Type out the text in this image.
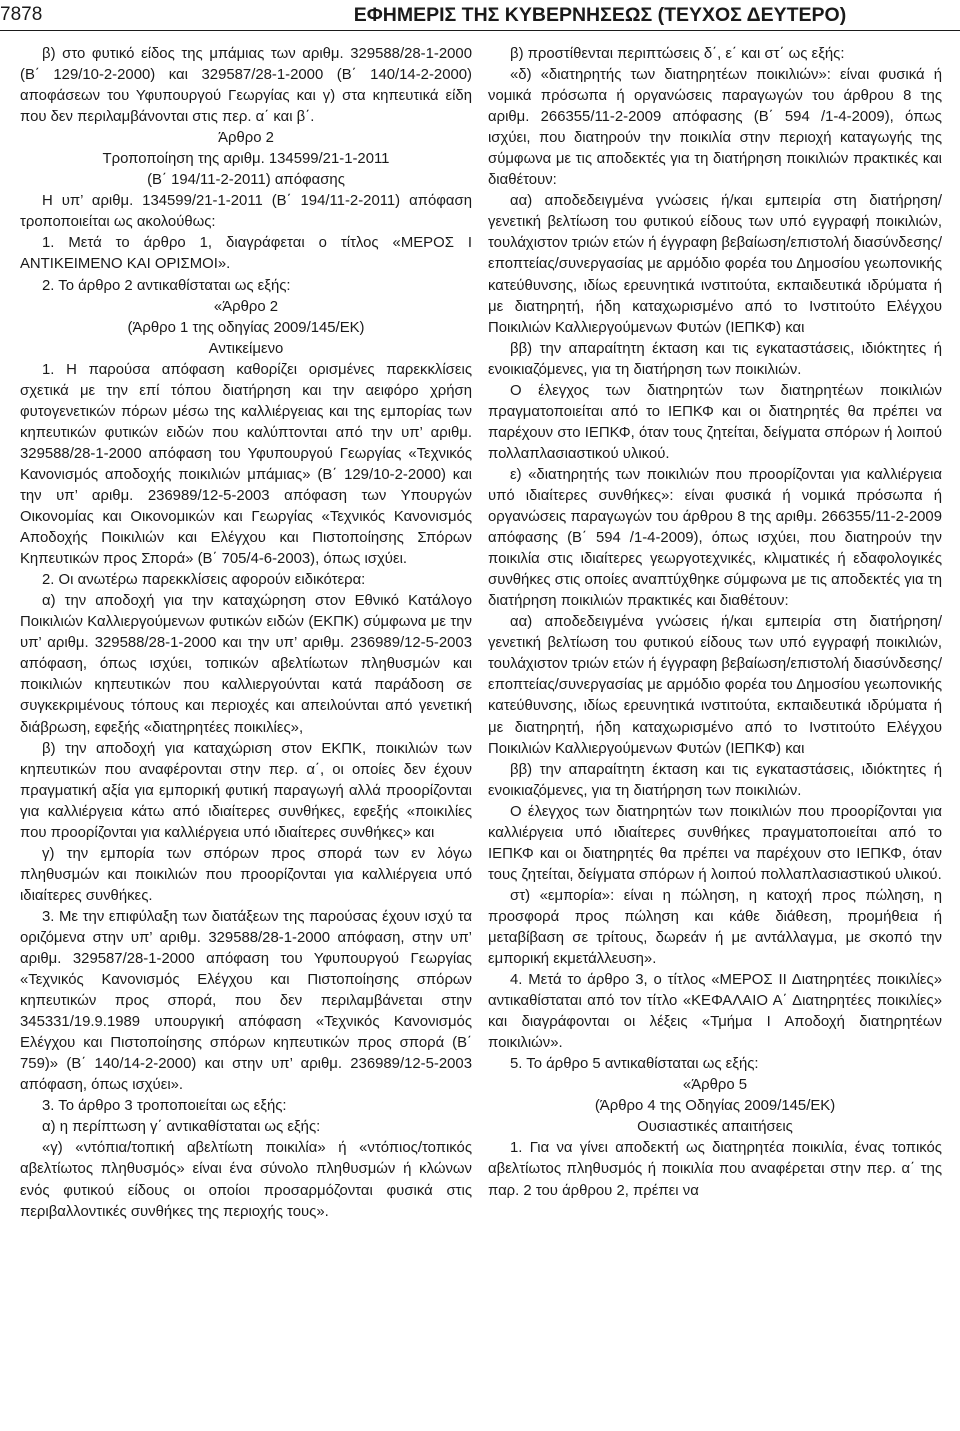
7878	ΕΦΗΜΕΡΙΣ ΤΗΣ ΚΥΒΕΡΝΗΣΕΩΣ (ΤΕΥΧΟΣ ΔΕΥΤΕΡΟ)

β) στο φυτικό είδος της μπάμιας των αριθμ. 329588/28-1-2000 (Β΄ 129/10-2-2000) και 329587/28-1-2000 (Β΄ 140/14-2-2000) αποφάσεων του Υφυπουργού Γεωργίας και γ) στα κηπευτικά είδη που δεν περιλαμβάνονται στις περ. α΄ και β΄.

Άρθρο 2

Τροποποίηση της αριθμ. 134599/21-1-2011

(Β΄ 194/11-2-2011) απόφασης

Η υπ’ αριθμ. 134599/21-1-2011 (Β΄ 194/11-2-2011) απόφαση τροποποιείται ως ακολούθως:

1. Μετά το άρθρο 1, διαγράφεται ο τίτλος «ΜΕΡΟΣ Ι ΑΝΤΙΚΕΙΜΕΝΟ ΚΑΙ ΟΡΙΣΜΟΙ».

2. Το άρθρο 2 αντικαθίσταται ως εξής:

«Άρθρο 2

(Άρθρο 1 της οδηγίας 2009/145/ΕΚ)

Αντικείμενο

1. Η παρούσα απόφαση καθορίζει ορισμένες παρεκκλίσεις σχετικά με την επί τόπου διατήρηση και την αειφόρο χρήση φυτογενετικών πόρων μέσω της καλλιέργειας και της εμπορίας των κηπευτικών φυτικών ειδών που καλύπτονται από την υπ’ αριθμ. 329588/28-1-2000 απόφαση του Υφυπουργού Γεωργίας «Τεχνικός Κανονισμός αποδοχής ποικιλιών μπάμιας» (Β΄ 129/10-2-2000) και την υπ’ αριθμ. 236989/12-5-2003 απόφαση των Υπουργών Οικονομίας και Οικονομικών και Γεωργίας «Τεχνικός Κανονισμός Αποδοχής Ποικιλιών και Ελέγχου και Πιστοποίησης Σπόρων Κηπευτικών προς Σπορά» (Β΄ 705/4-6-2003), όπως ισχύει.

2. Οι ανωτέρω παρεκκλίσεις αφορούν ειδικότερα:

α) την αποδοχή για την καταχώρηση στον Εθνικό Κατάλογο Ποικιλιών Καλλιεργούμενων φυτικών ειδών (ΕΚΠΚ) σύμφωνα με την υπ’ αριθμ. 329588/28-1-2000 και την υπ’ αριθμ. 236989/12-5-2003 απόφαση, όπως ισχύει, τοπικών αβελτίωτων πληθυσμών και ποικιλιών κηπευτικών που καλλιεργούνται κατά παράδοση σε συγκεκριμένους τόπους και περιοχές και απειλούνται από γενετική διάβρωση, εφεξής «διατηρητέες ποικιλίες»,

β) την αποδοχή για καταχώριση στον ΕΚΠΚ, ποικιλιών των κηπευτικών που αναφέρονται στην περ. α΄, οι οποίες δεν έχουν πραγματική αξία για εμπορική φυτική παραγωγή αλλά προορίζονται για καλλιέργεια κάτω από ιδιαίτερες συνθήκες, εφεξής «ποικιλίες που προορίζονται για καλλιέργεια υπό ιδιαίτερες συνθήκες» και

γ) την εμπορία των σπόρων προς σπορά των εν λόγω πληθυσμών και ποικιλιών που προορίζονται για καλλιέργεια υπό ιδιαίτερες συνθήκες.

3. Με την επιφύλαξη των διατάξεων της παρούσας έχουν ισχύ τα οριζόμενα στην υπ’ αριθμ. 329588/28-1-2000 απόφαση, στην υπ’ αριθμ. 329587/28-1-2000 απόφαση του Υφυπουργού Γεωργίας «Τεχνικός Κανονισμός Ελέγχου και Πιστοποίησης σπόρων κηπευτικών προς σπορά, που δεν περιλαμβάνεται στην 345331/19.9.1989 υπουργική απόφαση «Τεχνικός Κανονισμός Ελέγχου και Πιστοποίησης σπόρων κηπευτικών προς σπορά (Β΄ 759)» (Β΄ 140/14-2-2000) και στην υπ’ αριθμ. 236989/12-5-2003 απόφαση, όπως ισχύει».

3. Το άρθρο 3 τροποποιείται ως εξής:

α) η περίπτωση γ΄ αντικαθίσταται ως εξής:

«γ) «ντόπια/τοπική αβελτίωτη ποικιλία» ή «ντόπιος/τοπικός αβελτίωτος πληθυσμός» είναι ένα σύνολο πληθυσμών ή κλώνων ενός φυτικού είδους οι οποίοι προσαρμόζονται φυσικά στις περιβαλλοντικές συνθήκες της περιοχής τους».

β) προστίθενται περιπτώσεις δ΄, ε΄ και στ΄ ως εξής:

«δ) «διατηρητής των διατηρητέων ποικιλιών»: είναι φυσικά ή νομικά πρόσωπα ή οργανώσεις παραγωγών του άρθρου 8 της αριθμ. 266355/11-2-2009 απόφασης (Β΄ 594 /1-4-2009), όπως ισχύει, που διατηρούν την ποικιλία στην περιοχή καταγωγής της σύμφωνα με τις αποδεκτές για τη διατήρηση ποικιλιών πρακτικές και διαθέτουν:

αα) αποδεδειγμένα γνώσεις ή/και εμπειρία στη διατήρηση/γενετική βελτίωση του φυτικού είδους των υπό εγγραφή ποικιλιών, τουλάχιστον τριών ετών ή έγγραφη βεβαίωση/επιστολή διασύνδεσης/εποπτείας/συνεργασίας με αρμόδιο φορέα του Δημοσίου γεωπονικής κατεύθυνσης, ιδίως ερευνητικά ινστιτούτα, εκπαιδευτικά ιδρύματα ή με διατηρητή, ήδη καταχωρισμένο από το Ινστιτούτο Ελέγχου Ποικιλιών Καλλιεργούμενων Φυτών (ΙΕΠΚΦ) και

ββ) την απαραίτητη έκταση και τις εγκαταστάσεις, ιδιόκτητες ή ενοικιαζόμενες, για τη διατήρηση των ποικιλιών.

Ο έλεγχος των διατηρητών των διατηρητέων ποικιλιών πραγματοποιείται από το ΙΕΠΚΦ και οι διατηρητές θα πρέπει να παρέχουν στο ΙΕΠΚΦ, όταν τους ζητείται, δείγματα σπόρων ή λοιπού πολλαπλασιαστικού υλικού.

ε) «διατηρητής των ποικιλιών που προορίζονται για καλλιέργεια υπό ιδιαίτερες συνθήκες»: είναι φυσικά ή νομικά πρόσωπα ή οργανώσεις παραγωγών του άρθρου 8 της αριθμ. 266355/11-2-2009 απόφασης (Β΄ 594 /1-4-2009), όπως ισχύει, που διατηρούν την ποικιλία στις ιδιαίτερες γεωργοτεχνικές, κλιματικές ή εδαφολογικές συνθήκες στις οποίες αναπτύχθηκε σύμφωνα με τις αποδεκτές για τη διατήρηση ποικιλιών πρακτικές και διαθέτουν:

αα) αποδεδειγμένα γνώσεις ή/και εμπειρία στη διατήρηση/γενετική βελτίωση του φυτικού είδους των υπό εγγραφή ποικιλιών, τουλάχιστον τριών ετών ή έγγραφη βεβαίωση/επιστολή διασύνδεσης/εποπτείας/συνεργασίας με αρμόδιο φορέα του Δημοσίου γεωπονικής κατεύθυνσης, ιδίως ερευνητικά ινστιτούτα, εκπαιδευτικά ιδρύματα ή με διατηρητή, ήδη καταχωρισμένο από το Ινστιτούτο Ελέγχου Ποικιλιών Καλλιεργούμενων Φυτών (ΙΕΠΚΦ) και

ββ) την απαραίτητη έκταση και τις εγκαταστάσεις, ιδιόκτητες ή ενοικιαζόμενες, για τη διατήρηση των ποικιλιών.

Ο έλεγχος των διατηρητών των ποικιλιών που προορίζονται για καλλιέργεια υπό ιδιαίτερες συνθήκες πραγματοποιείται από το ΙΕΠΚΦ και οι διατηρητές θα πρέπει να παρέχουν στο ΙΕΠΚΦ, όταν τους ζητείται, δείγματα σπόρων ή λοιπού πολλαπλασιαστικού υλικού.

στ) «εμπορία»: είναι η πώληση, η κατοχή προς πώληση, η προσφορά προς πώληση και κάθε διάθεση, προμήθεια ή μεταβίβαση σε τρίτους, δωρεάν ή με αντάλλαγμα, με σκοπό την εμπορική εκμετάλλευση».

4. Μετά το άρθρο 3, ο τίτλος «ΜΕΡΟΣ ΙΙ Διατηρητέες ποικιλίες» αντικαθίσταται από τον τίτλο «ΚΕΦΑΛΑΙΟ Α΄ Διατηρητέες ποικιλίες» και διαγράφονται οι λέξεις «Τμήμα Ι Αποδοχή διατηρητέων ποικιλιών».

5. Το άρθρο 5 αντικαθίσταται ως εξής:

«Άρθρο 5

(Άρθρο 4 της Οδηγίας 2009/145/ΕΚ)

Ουσιαστικές απαιτήσεις

1. Για να γίνει αποδεκτή ως διατηρητέα ποικιλία, ένας τοπικός αβελτίωτος πληθυσμός ή ποικιλία που αναφέρεται στην περ. α΄ της παρ. 2 του άρθρου 2, πρέπει να
